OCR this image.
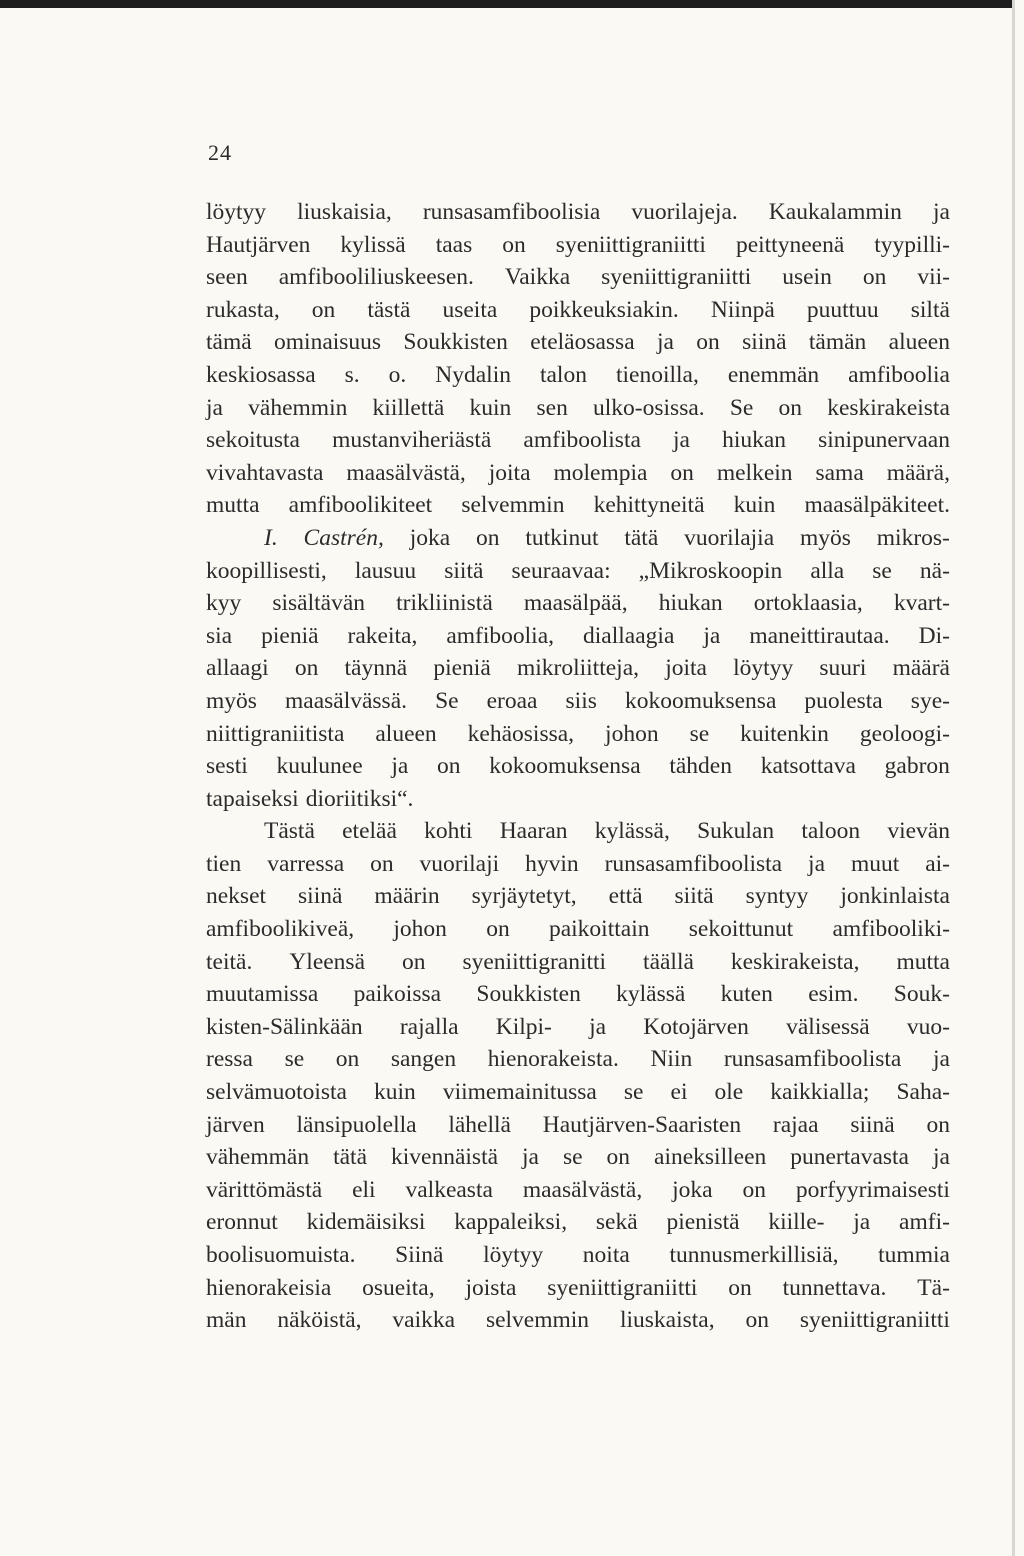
24
löytyy liuskaisia, runsasamfiboolisia vuorilajeja. Kaukalammin ja
Hautjärven kylissä taas on syeniittigraniitti peittyneenä tyypilli-
seen amfibooliliuskeesen. Vaikka syeniittigraniitti usein on vii-
rukasta, on tästä useita poikkeuksiakin. Niinpä puuttuu siltä
tämä ominaisuus Soukkisten eteläosassa ja on siinä tämän alueen
keskiosassa s. o. Nydalin talon tienoilla, enemmän amfiboolia
ja vähemmin kiillettä kuin sen ulko-osissa. Se on keskirakeista
sekoitusta mustanviheriästä amfiboolista ja hiukan sinipunervaan
vivahtavasta maasälvästä, joita molempia on melkein sama määrä,
mutta amfiboolikiteet selvemmin kehittyneitä kuin maasälpäkiteet.
I. Castrén, joka on tutkinut tätä vuorilajia myös mikros-
koopillisesti, lausuu siitä seuraavaa: „Mikroskoopin alla se nä-
kyy sisältävän trikliinistä maasälpää, hiukan ortoklaasia, kvart-
sia pieniä rakeita, amfiboolia, diallaagia ja maneittirautaa. Di-
allaagi on täynnä pieniä mikroliitteja, joita löytyy suuri määrä
myös maasälvässä. Se eroaa siis kokoomuksensa puolesta sye-
niittigraniitista alueen kehäosissa, johon se kuitenkin geoloogi-
sesti kuulunee ja on kokoomuksensa tähden katsottava gabron
tapaiseksi dioriitiksi“.
Tästä etelää kohti Haaran kylässä, Sukulan taloon vievän
tien varressa on vuorilaji hyvin runsasamfiboolista ja muut ai-
nekset siinä määrin syrjäytetyt, että siitä syntyy jonkinlaista
amfiboolikiveä, johon on paikoittain sekoittunut amfibooliki-
teitä. Yleensä on syeniittigranitti täällä keskirakeista, mutta
muutamissa paikoissa Soukkisten kylässä kuten esim. Souk-
kisten-Sälinkään rajalla Kilpi- ja Kotojärven välisessä vuo-
ressa se on sangen hienorakeista. Niin runsasamfiboolista ja
selvämuotoista kuin viimemainitussa se ei ole kaikkialla; Saha-
järven länsipuolella lähellä Hautjärven-Saaristen rajaa siinä on
vähemmän tätä kivennäistä ja se on aineksilleen punertavasta ja
värittömästä eli valkeasta maasälvästä, joka on porfyyrimaisesti
eronnut kidemäisiksi kappaleiksi, sekä pienistä kiille- ja amfi-
boolisuomuista. Siinä löytyy noita tunnusmerkillisiä, tummia
hienorakeisia osueita, joista syeniittigraniitti on tunnettava. Tä-
män näköistä, vaikka selvemmin liuskaista, on syeniittigraniitti
